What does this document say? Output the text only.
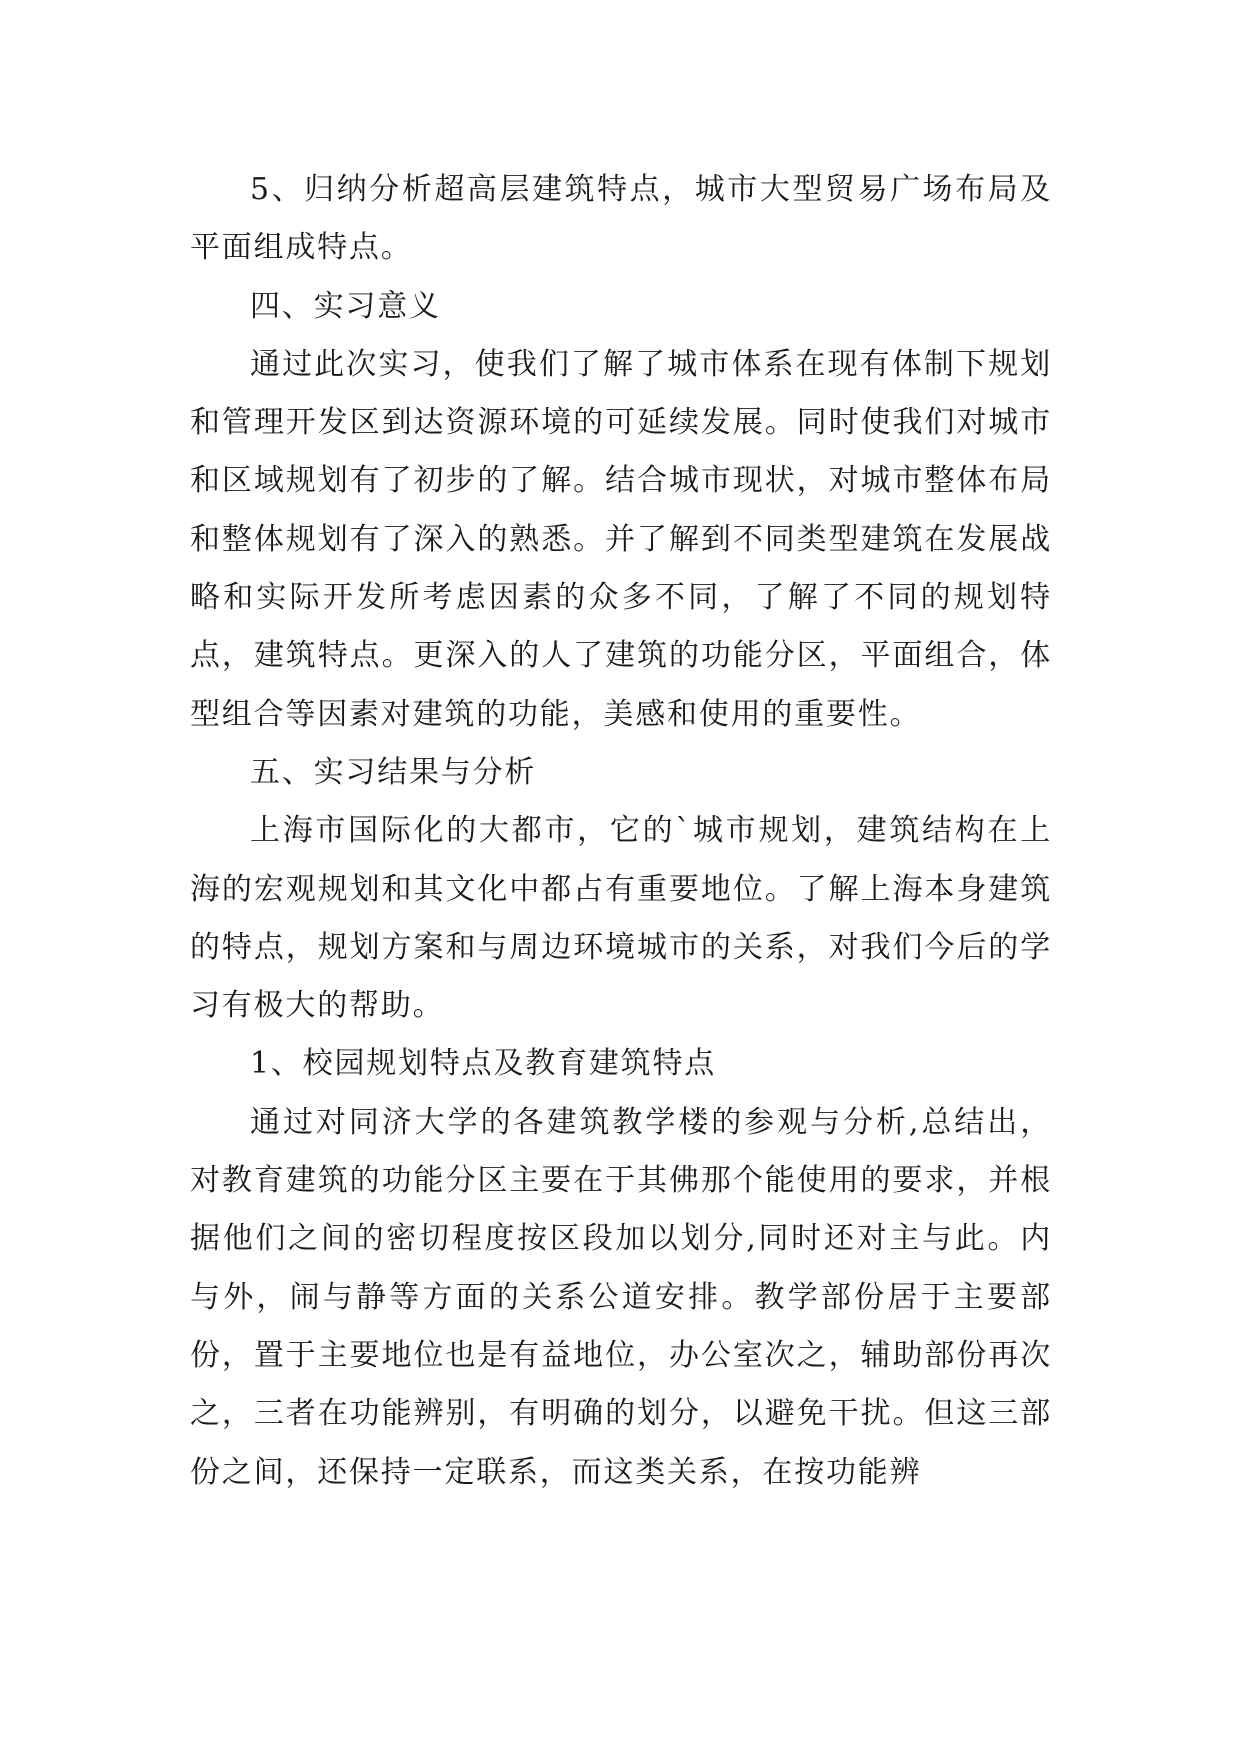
5、归纳分析超高层建筑特点，城市大型贸易广场布局及平面组成特点。

四、实习意义

通过此次实习，使我们了解了城市体系在现有体制下规划和管理开发区到达资源环境的可延续发展。同时使我们对城市和区域规划有了初步的了解。结合城市现状，对城市整体布局和整体规划有了深入的熟悉。并了解到不同类型建筑在发展战略和实际开发所考虑因素的众多不同，了解了不同的规划特点，建筑特点。更深入的人了建筑的功能分区，平面组合，体型组合等因素对建筑的功能，美感和使用的重要性。

五、实习结果与分析

上海市国际化的大都市，它的`城市规划，建筑结构在上海的宏观规划和其文化中都占有重要地位。了解上海本身建筑的特点，规划方案和与周边环境城市的关系，对我们今后的学习有极大的帮助。

1、校园规划特点及教育建筑特点

通过对同济大学的各建筑教学楼的参观与分析,总结出，对教育建筑的功能分区主要在于其佛那个能使用的要求，并根据他们之间的密切程度按区段加以划分,同时还对主与此。内与外，闹与静等方面的关系公道安排。教学部份居于主要部份，置于主要地位也是有益地位，办公室次之，辅助部份再次之，三者在功能辨别，有明确的划分，以避免干扰。但这三部份之间，还保持一定联系，而这类关系，在按功能辨
